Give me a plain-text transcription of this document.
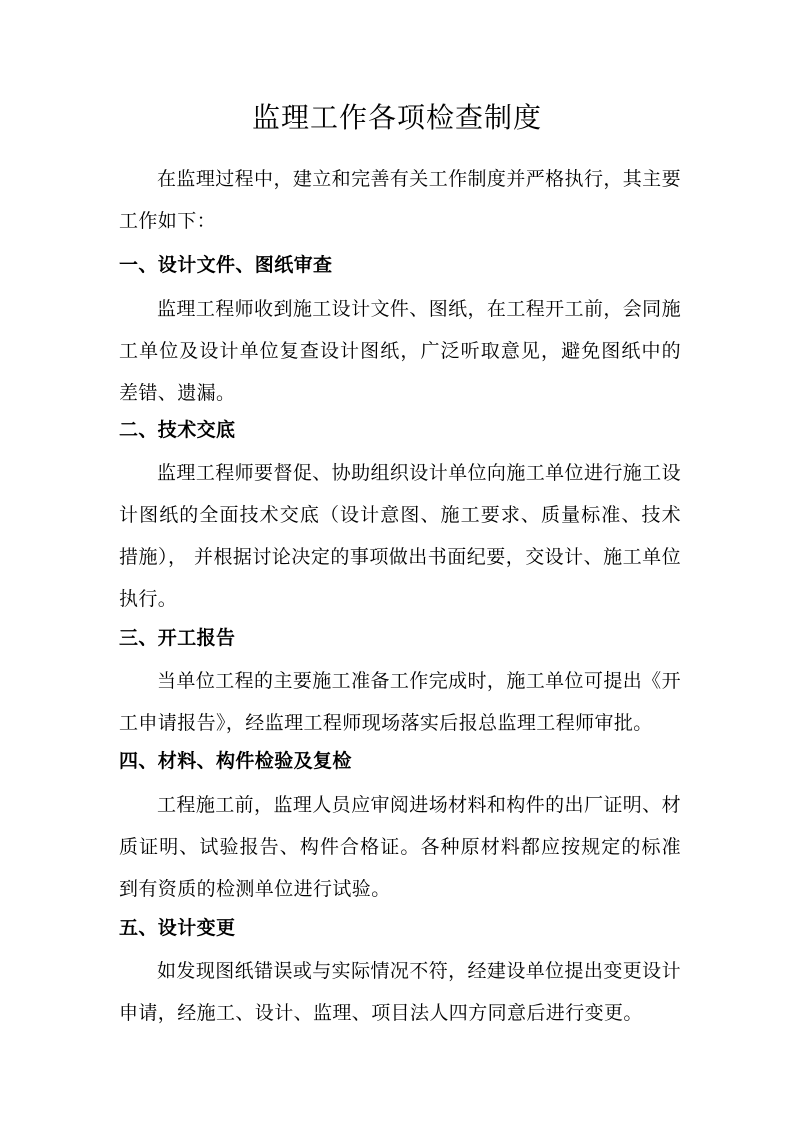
监理工作各项检查制度

在监理过程中，建立和完善有关工作制度并严格执行，其主要工作如下：

一、设计文件、图纸审查

监理工程师收到施工设计文件、图纸，在工程开工前，会同施工单位及设计单位复查设计图纸，广泛听取意见，避免图纸中的差错、遗漏。

二、技术交底

监理工程师要督促、协助组织设计单位向施工单位进行施工设计图纸的全面技术交底（设计意图、施工要求、质量标准、技术措施）， 并根据讨论决定的事项做出书面纪要，交设计、施工单位执行。

三、开工报告

当单位工程的主要施工准备工作完成时，施工单位可提出《开工申请报告》，经监理工程师现场落实后报总监理工程师审批。

四、材料、构件检验及复检

工程施工前，监理人员应审阅进场材料和构件的出厂证明、材质证明、试验报告、构件合格证。各种原材料都应按规定的标准到有资质的检测单位进行试验。

五、设计变更

如发现图纸错误或与实际情况不符，经建设单位提出变更设计申请，经施工、设计、监理、项目法人四方同意后进行变更。
